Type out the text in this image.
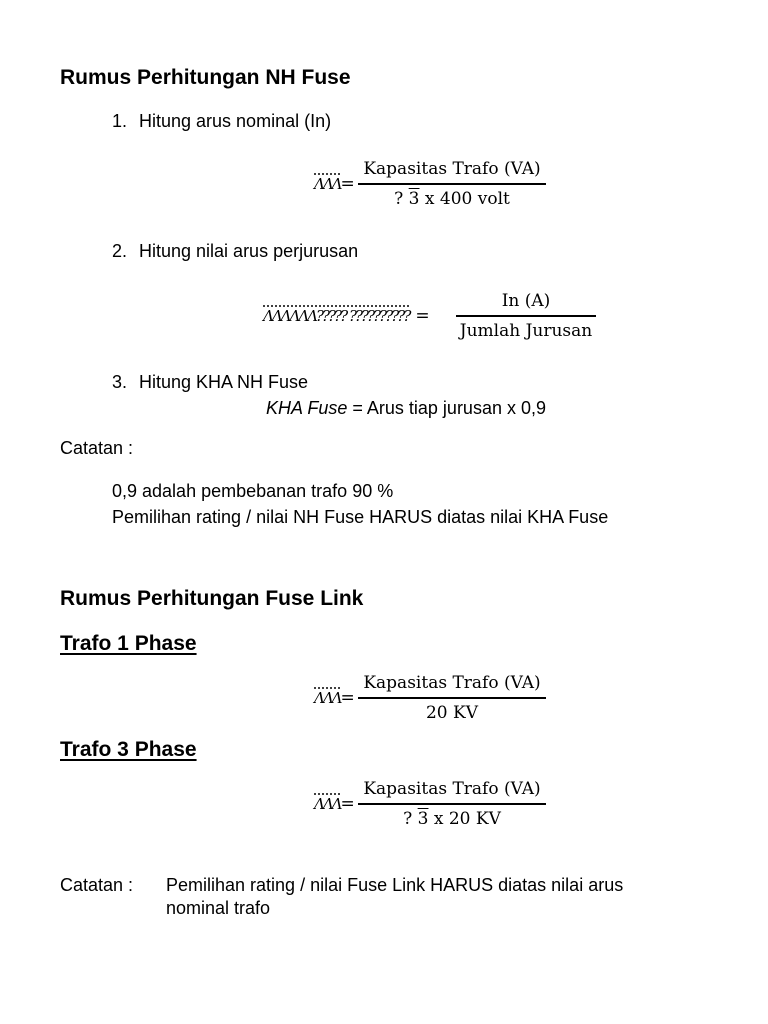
Rumus Perhitungan NH Fuse
1. Hitung arus nominal (In)
ɅɅɅ=
Kapasitas Trafo (VA)
? 3 x 400 volt
2. Hitung nilai arus perjurusan
ɅɅɅɅɅɅ????? ?????????? =
In (A)
Jumlah Jurusan
3. Hitung KHA NH Fuse
KHA Fuse = Arus tiap jurusan x 0,9
Catatan :
0,9 adalah pembebanan trafo 90 %
Pemilihan rating / nilai NH Fuse HARUS diatas nilai KHA Fuse
Rumus Perhitungan Fuse Link
Trafo 1 Phase
ɅɅɅ=
Kapasitas Trafo (VA)
20 KV
Trafo 3 Phase
ɅɅɅ=
Kapasitas Trafo (VA)
? 3 x 20 KV
Catatan : Pemilihan rating / nilai Fuse Link HARUS diatas nilai arus
nominal trafo
